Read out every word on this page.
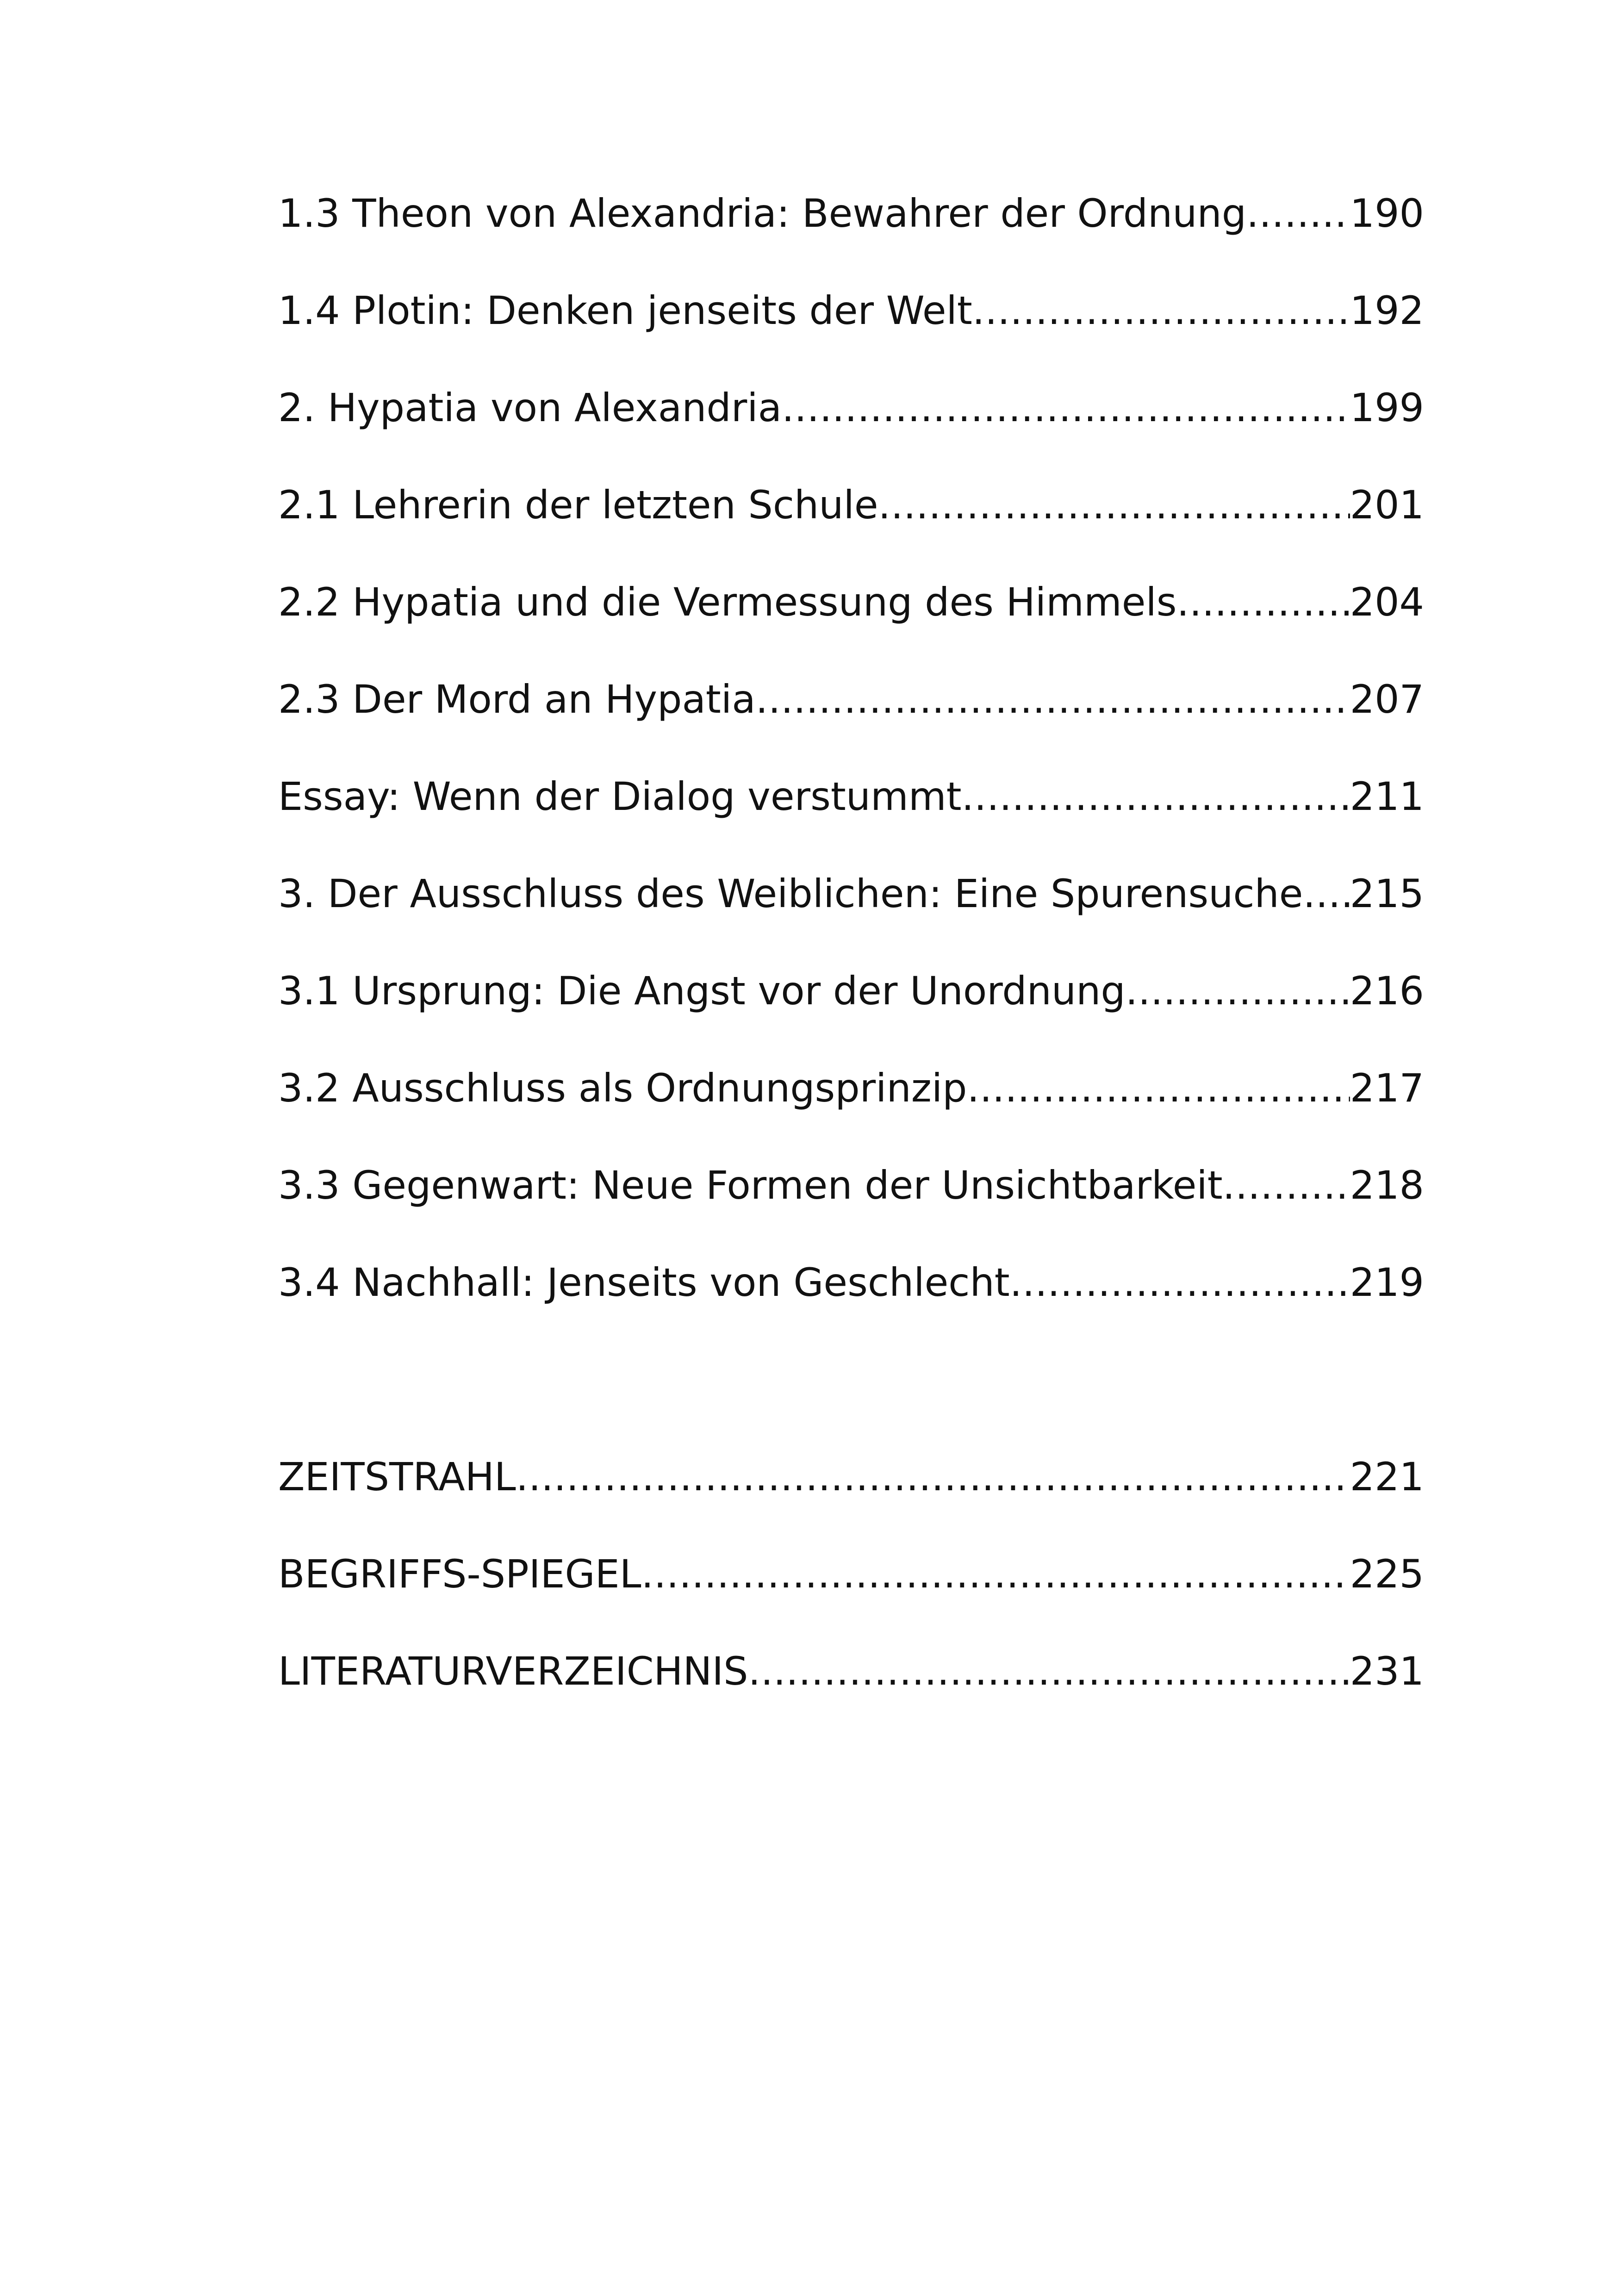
1.3 Theon von Alexandria: Bewahrer der Ordnung .....	190
1.4 Plotin: Denken jenseits der Welt .....	192
2. Hypatia von Alexandria .....	199
2.1 Lehrerin der letzten Schule .....	201
2.2 Hypatia und die Vermessung des Himmels .....	204
2.3 Der Mord an Hypatia .....	207
Essay: Wenn der Dialog verstummt .....	211
3. Der Ausschluss des Weiblichen: Eine Spurensuche ..... 215
3.1 Ursprung: Die Angst vor der Unordnung .....	216
3.2 Ausschluss als Ordnungsprinzip .....	217
3.3 Gegenwart: Neue Formen der Unsichtbarkeit .....	218
3.4 Nachhall: Jenseits von Geschlecht .....	219
ZEITSTRAHL .....	221
BEGRIFFS-SPIEGEL .....	225
LITERATURVERZEICHNIS .....	231
